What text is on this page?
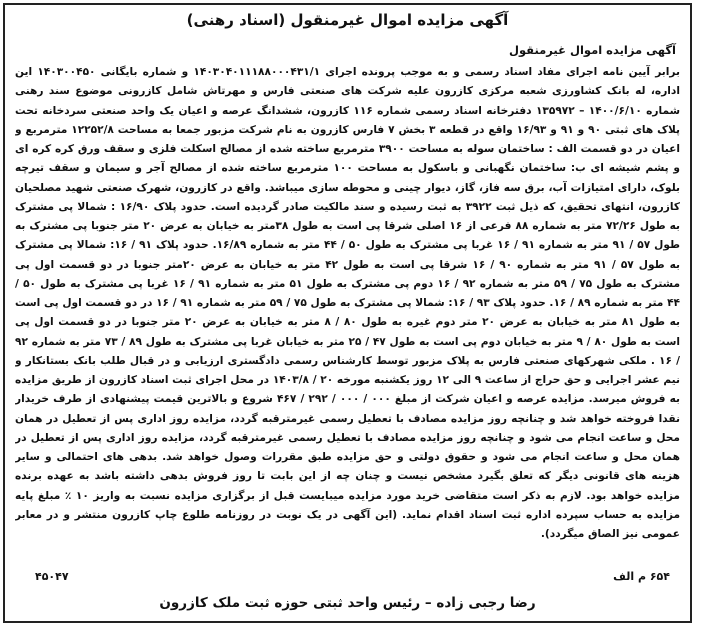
آگهی مزایده اموال غیرمنقول (اسناد رهنی)
آگهی مزایده اموال غیرمنقول
برابر آیین نامه اجرای مفاد اسناد رسمی و به موجب پرونده اجرای ۱۴۰۳۰۴۰۱۱۱۸۸۰۰۰۴۳۱/۱ و شماره بایگانی ۱۴۰۳۰۰۴۵۰ این اداره، له بانک کشاورزی شعبه مرکزی کازرون علیه شرکت های صنعتی فارس و مهرتاش شامل کازرونی موضوع سند رهنی شماره ۱۴۰۰/۶/۱۰ – ۱۳۵۹۷۲ دفترخانه اسناد رسمی شماره ۱۱۶ کازرون، ششدانگ عرصه و اعیان یک واحد صنعتی سردخانه تحت پلاک های ثبتی ۹۰ و ۹۱ و ۱۶/۹۳ واقع در قطعه ۳ بخش ۷ فارس کازرون به نام شرکت مزبور جمعا به مساحت ۱۲۲۵۲/۸ مترمربع و اعیان در دو قسمت الف : ساختمان سوله به مساحت ۳۹۰۰ مترمربع ساخته شده از مصالح اسکلت فلزی و سقف ورق کره کره ای و پشم شیشه ای ب: ساختمان نگهبانی و باسکول به مساحت ۱۰۰ مترمربع ساخته شده از مصالح آجر و سیمان و سقف تیرچه بلوک، دارای امتیازات آب، برق سه فاز، گاز، دیوار چینی و محوطه سازی میباشد. واقع در کازرون، شهرک صنعتی شهید مصلحیان کازرون، انتهای تحقیق، که ذیل ثبت ۳۹۲۲ به ثبت رسیده و سند مالکیت صادر گردیده است. حدود پلاک ۱۶/۹۰ : شمالا پی مشترک به طول ۷۲/۲۶ متر به شماره ۸۸ فرعی از ۱۶ اصلی شرقا پی است به طول ۳۸متر به خیابان به عرض ۲۰ متر جنوبا پی مشترک به طول ۵۷ / ۹۱ متر به شماره ۹۱ / ۱۶ غربا پی مشترک به طول ۵۰ / ۴۴ متر به شماره ۱۶/۸۹. حدود پلاک ۹۱ / ۱۶: شمالا پی مشترک به طول ۵۷ / ۹۱ متر به شماره ۹۰ / ۱۶ شرقا پی است به طول ۴۲ متر به خیابان به عرض ۲۰متر جنوبا در دو قسمت اول پی مشترک به طول ۷۵ / ۵۹ متر به شماره ۹۲ / ۱۶ دوم پی مشترک به طول ۵۱ متر به شماره ۹۱ / ۱۶ غربا پی مشترک به طول ۵۰ / ۴۴ متر به شماره ۸۹ / ۱۶. حدود پلاک ۹۳ / ۱۶: شمالا پی مشترک به طول ۷۵ / ۵۹ متر به شماره ۹۱ / ۱۶ در دو قسمت اول پی است به طول ۸۱ متر به خیابان به عرض ۲۰ متر دوم غیره به طول ۸۰ / ۸ متر به خیابان به عرض ۲۰ متر جنوبا در دو قسمت اول پی است به طول ۸۰ / ۹ متر به خیابان دوم پی است به طول ۴۷ / ۲۵ متر به خیابان غربا پی مشترک به طول ۸۹ / ۷۳ متر به شماره ۹۲ / ۱۶ . ملکی شهرکهای صنعتی فارس به پلاک مزبور توسط کارشناس رسمی دادگستری ارزیابی و در قبال طلب بانک بستانکار و نیم عشر اجرایی و حق حراج از ساعت ۹ الی ۱۲ روز یکشنبه مورخه ۲۰ / ۱۴۰۳/۸ در محل اجرای ثبت اسناد کازرون از طریق مزایده به فروش میرسد. مزایده عرصه و اعیان شرکت از مبلغ ۰۰۰ / ۰۰۰ / ۲۹۲ / ۴۶۷ شروع و بالاترین قیمت پیشنهادی از طرف خریدار نقدا فروخته خواهد شد و چنانچه روز مزایده مصادف با تعطیل رسمی غیرمترقبه گردد، مزایده روز اداری پس از تعطیل در همان محل و ساعت انجام می شود و چنانچه روز مزایده مصادف با تعطیل رسمی غیرمترقبه گردد، مزایده روز اداری پس از تعطیل در همان محل و ساعت انجام می شود و حقوق دولتی و حق مزایده طبق مقررات وصول خواهد شد. بدهی های احتمالی و سایر هزینه های قانونی دیگر که تعلق بگیرد مشخص نیست و چنان چه از این بابت تا روز فروش بدهی داشته باشد به عهده برنده مزایده خواهد بود. لازم به ذکر است متقاضی خرید مورد مزایده میبایست قبل از برگزاری مزایده نسبت به واریز ۱۰ ٪ مبلغ پایه مزایده به حساب سپرده اداره ثبت اسناد اقدام نماید. (این آگهی در یک نوبت در روزنامه طلوع چاپ کازرون منتشر و در معابر عمومی نیز الصاق میگردد).
۶۵۴ م الف
۴۵۰۴۷
رضا رجبی زاده – رئیس واحد ثبتی حوزه ثبت ملک کازرون
